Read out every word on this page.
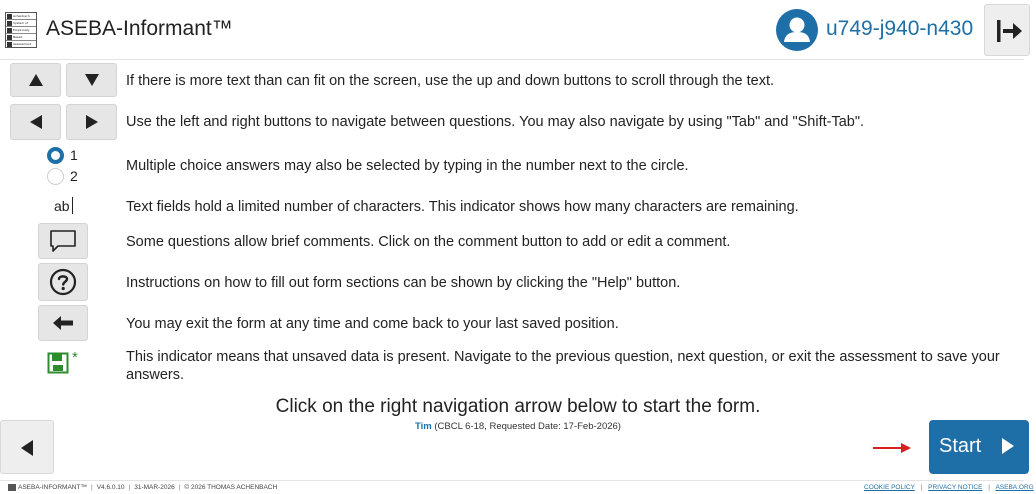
Achenbach
System of
Empirically
Based
Assessment
ASEBA-Informant™	u749-j940-n430
If there is more text than can fit on the screen, use the up and down buttons to scroll through the text.
Use the left and right buttons to navigate between questions. You may also navigate by using "Tab" and "Shift-Tab".
1
2
Multiple choice answers may also be selected by typing in the number next to the circle.
ab	Text fields hold a limited number of characters. This indicator shows how many characters are remaining.
Some questions allow brief comments. Click on the comment button to add or edit a comment.
Instructions on how to fill out form sections can be shown by clicking the "Help" button.
You may exit the form at any time and come back to your last saved position.
*	This indicator means that unsaved data is present. Navigate to the previous question, next question, or exit the assessment to save your answers.
Click on the right navigation arrow below to start the form.
Tim (CBCL 6-18, Requested Date: 17-Feb-2026)
Start
ASEBA-INFORMANT™ | V4.6.0.10 | 31-MAR-2026 | © 2026 THOMAS ACHENBACH	COOKIE POLICY | PRIVACY NOTICE | ASEBA.ORG
